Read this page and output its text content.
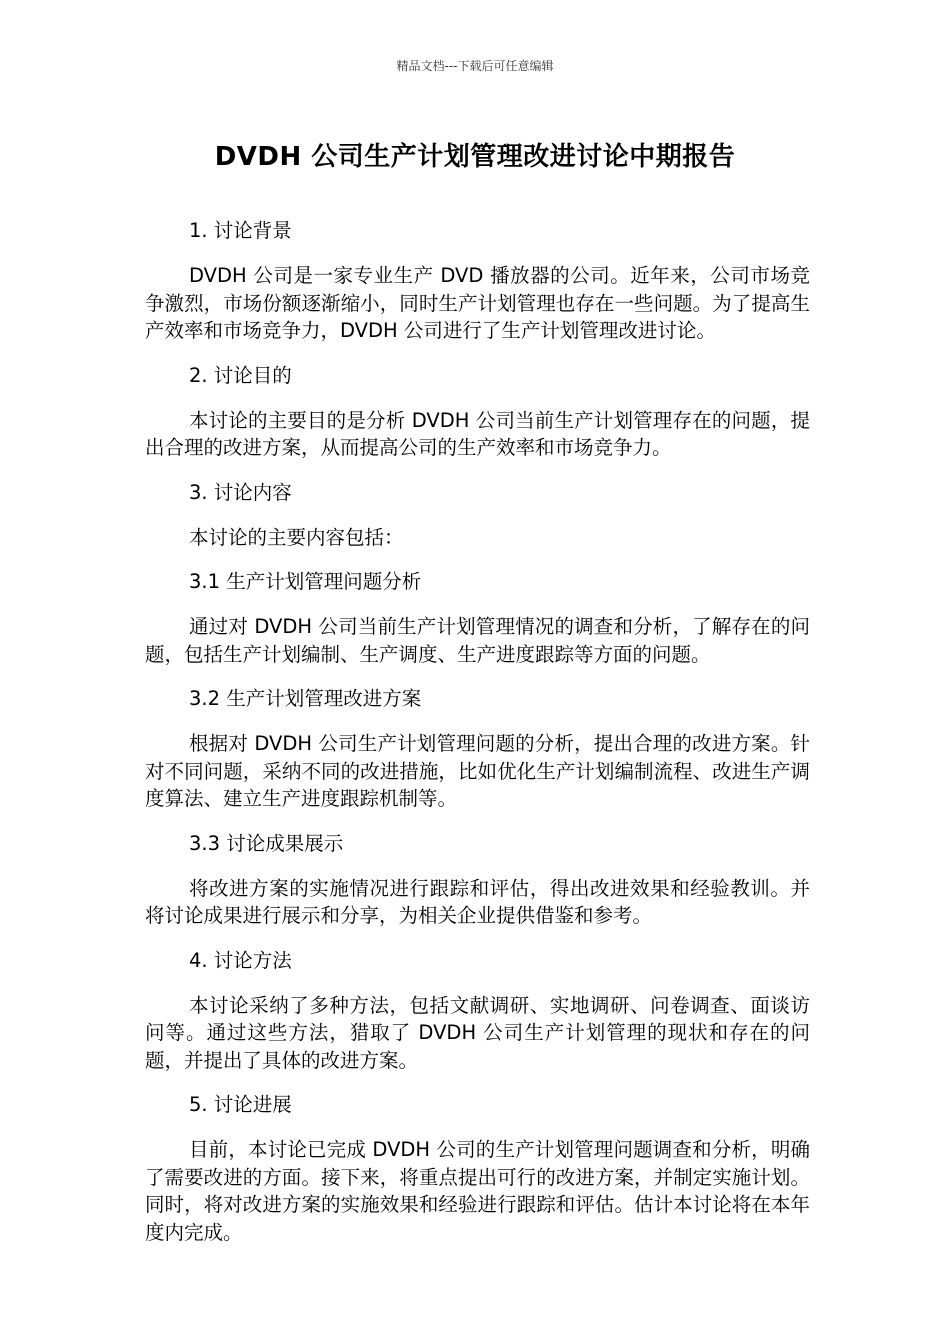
精品文档---下载后可任意编辑
DVDH 公司生产计划管理改进讨论中期报告
1. 讨论背景
DVDH 公司是一家专业生产 DVD 播放器的公司。近年来，公司市场竞争激烈，市场份额逐渐缩小，同时生产计划管理也存在一些问题。为了提高生产效率和市场竞争力，DVDH 公司进行了生产计划管理改进讨论。
2. 讨论目的
本讨论的主要目的是分析 DVDH 公司当前生产计划管理存在的问题，提出合理的改进方案，从而提高公司的生产效率和市场竞争力。
3. 讨论内容
本讨论的主要内容包括：
3.1 生产计划管理问题分析
通过对 DVDH 公司当前生产计划管理情况的调查和分析，了解存在的问题，包括生产计划编制、生产调度、生产进度跟踪等方面的问题。
3.2 生产计划管理改进方案
根据对 DVDH 公司生产计划管理问题的分析，提出合理的改进方案。针对不同问题，采纳不同的改进措施，比如优化生产计划编制流程、改进生产调度算法、建立生产进度跟踪机制等。
3.3 讨论成果展示
将改进方案的实施情况进行跟踪和评估，得出改进效果和经验教训。并将讨论成果进行展示和分享，为相关企业提供借鉴和参考。
4. 讨论方法
本讨论采纳了多种方法，包括文献调研、实地调研、问卷调查、面谈访问等。通过这些方法，猎取了 DVDH 公司生产计划管理的现状和存在的问题，并提出了具体的改进方案。
5. 讨论进展
目前，本讨论已完成 DVDH 公司的生产计划管理问题调查和分析，明确了需要改进的方面。接下来，将重点提出可行的改进方案，并制定实施计划。同时，将对改进方案的实施效果和经验进行跟踪和评估。估计本讨论将在本年度内完成。
